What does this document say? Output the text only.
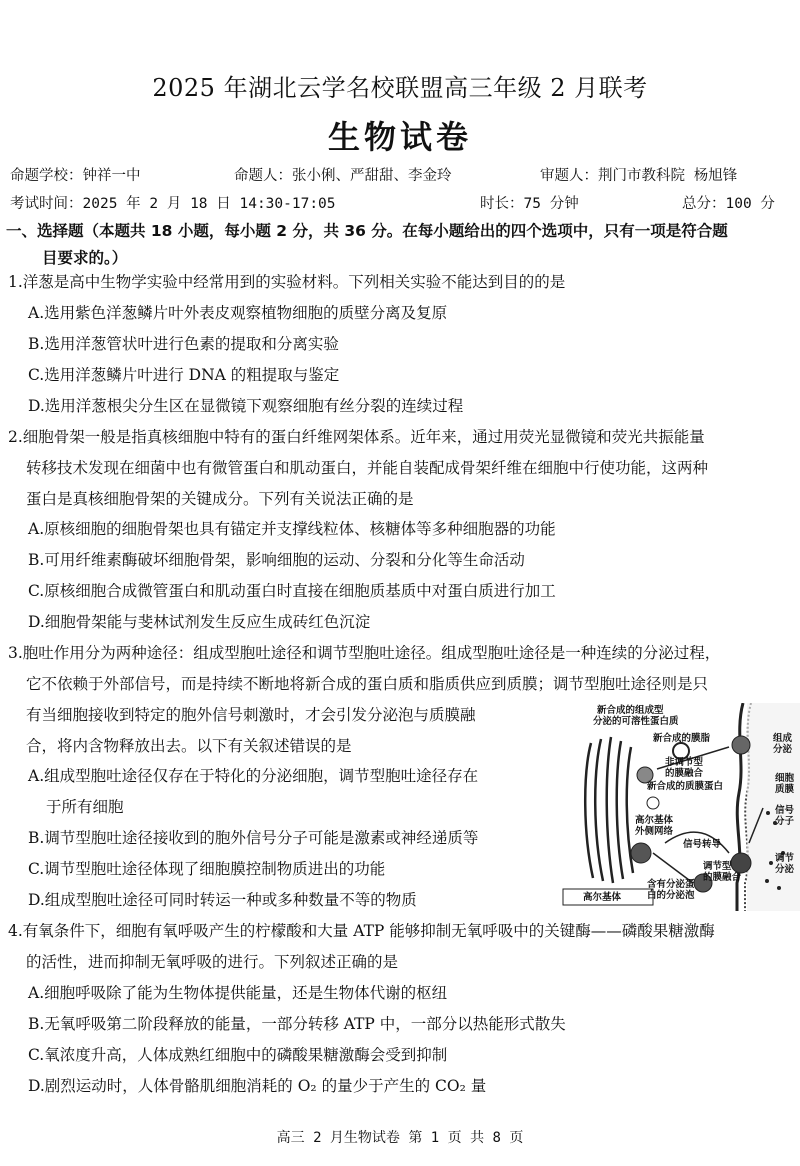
2025 年湖北云学名校联盟高三年级 2 月联考
生物试卷
命题学校：钟祥一中	命题人：张小俐、严甜甜、李金玲	审题人：荆门市教科院 杨旭锋
考试时间：2025 年 2 月 18 日 14:30-17:05	时长：75 分钟	总分：100 分
一、选择题（本题共 18 小题，每小题 2 分，共 36 分。在每小题给出的四个选项中，只有一项是符合题
目要求的。）
1.洋葱是高中生物学实验中经常用到的实验材料。下列相关实验不能达到目的的是
A.选用紫色洋葱鳞片叶外表皮观察植物细胞的质壁分离及复原
B.选用洋葱管状叶进行色素的提取和分离实验
C.选用洋葱鳞片叶进行 DNA 的粗提取与鉴定
D.选用洋葱根尖分生区在显微镜下观察细胞有丝分裂的连续过程
2.细胞骨架一般是指真核细胞中特有的蛋白纤维网架体系。近年来，通过用荧光显微镜和荧光共振能量
转移技术发现在细菌中也有微管蛋白和肌动蛋白，并能自装配成骨架纤维在细胞中行使功能，这两种
蛋白是真核细胞骨架的关键成分。下列有关说法正确的是
A.原核细胞的细胞骨架也具有锚定并支撑线粒体、核糖体等多种细胞器的功能
B.可用纤维素酶破坏细胞骨架，影响细胞的运动、分裂和分化等生命活动
C.原核细胞合成微管蛋白和肌动蛋白时直接在细胞质基质中对蛋白质进行加工
D.细胞骨架能与斐林试剂发生反应生成砖红色沉淀
3.胞吐作用分为两种途径：组成型胞吐途径和调节型胞吐途径。组成型胞吐途径是一种连续的分泌过程，
它不依赖于外部信号，而是持续不断地将新合成的蛋白质和脂质供应到质膜；调节型胞吐途径则是只
有当细胞接收到特定的胞外信号刺激时，才会引发分泌泡与质膜融
合，将内含物释放出去。以下有关叙述错误的是
A.组成型胞吐途径仅存在于特化的分泌细胞，调节型胞吐途径存在
于所有细胞
B.调节型胞吐途径接收到的胞外信号分子可能是激素或神经递质等
C.调节型胞吐途径体现了细胞膜控制物质进出的功能
D.组成型胞吐途径可同时转运一种或多种数量不等的物质
新合成的组成型
分泌的可溶性蛋白质
新合成的膜脂	组成
分泌
非调节型
的膜融合
新合成的质膜蛋白
细胞
质膜
信号
分子
高尔基体
外侧网络
信号转导
调节
分泌
调节型
的膜融合
含有分泌蛋
白的分泌泡
高尔基体
4.有氧条件下，细胞有氧呼吸产生的柠檬酸和大量 ATP 能够抑制无氧呼吸中的关键酶——磷酸果糖激酶
的活性，进而抑制无氧呼吸的进行。下列叙述正确的是
A.细胞呼吸除了能为生物体提供能量，还是生物体代谢的枢纽
B.无氧呼吸第二阶段释放的能量，一部分转移 ATP 中，一部分以热能形式散失
C.氧浓度升高，人体成熟红细胞中的磷酸果糖激酶会受到抑制
D.剧烈运动时，人体骨骼肌细胞消耗的 O₂ 的量少于产生的 CO₂ 量
高三 2 月生物试卷 第 1 页 共 8 页
